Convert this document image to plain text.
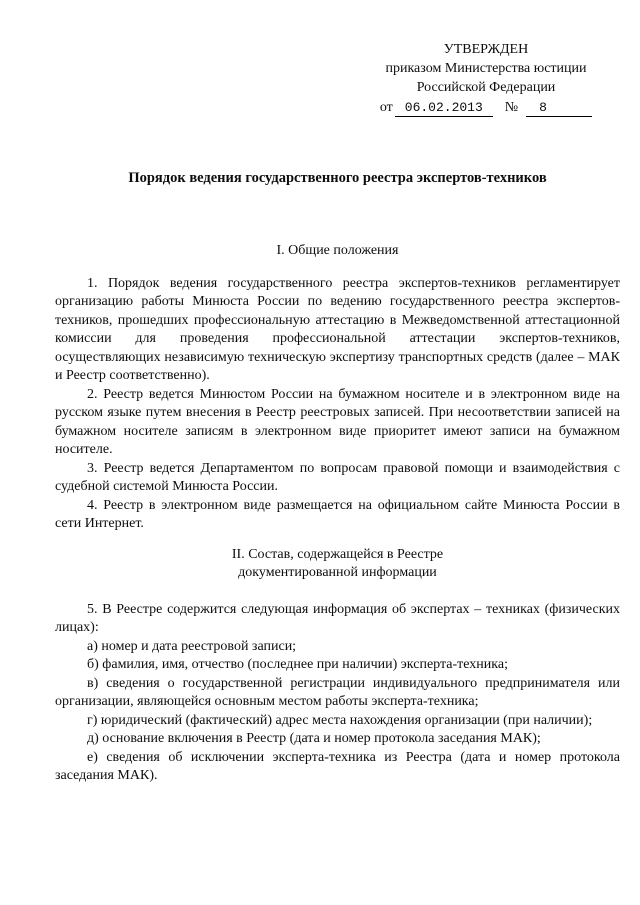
УТВЕРЖДЕН
приказом Министерства юстиции
Российской Федерации
от 06.02.2013 № 8
Порядок ведения государственного реестра экспертов-техников
I. Общие положения

1. Порядок ведения государственного реестра экспертов-техников регламентирует организацию работы Минюста России по ведению государственного реестра экспертов-техников, прошедших профессиональную аттестацию в Межведомственной аттестационной комиссии для проведения профессиональной аттестации экспертов-техников, осуществляющих независимую техническую экспертизу транспортных средств (далее – МАК и Реестр соответственно).

2. Реестр ведется Минюстом России на бумажном носителе и в электронном виде на русском языке путем внесения в Реестр реестровых записей. При несоответствии записей на бумажном носителе записям в электронном виде приоритет имеют записи на бумажном носителе.

3. Реестр ведется Департаментом по вопросам правовой помощи и взаимодействия с судебной системой Минюста России.

4. Реестр в электронном виде размещается на официальном сайте Минюста России в сети Интернет.

II. Состав, содержащейся в Реестре
документированной информации

5. В Реестре содержится следующая информация об экспертах – техниках (физических лицах):

а) номер и дата реестровой записи;

б) фамилия, имя, отчество (последнее при наличии) эксперта-техника;

в) сведения о государственной регистрации индивидуального предпринимателя или организации, являющейся основным местом работы эксперта-техника;

г) юридический (фактический) адрес места нахождения организации (при наличии);

д) основание включения в Реестр (дата и номер протокола заседания МАК);

е) сведения об исключении эксперта-техника из Реестра (дата и номер протокола заседания МАК).
